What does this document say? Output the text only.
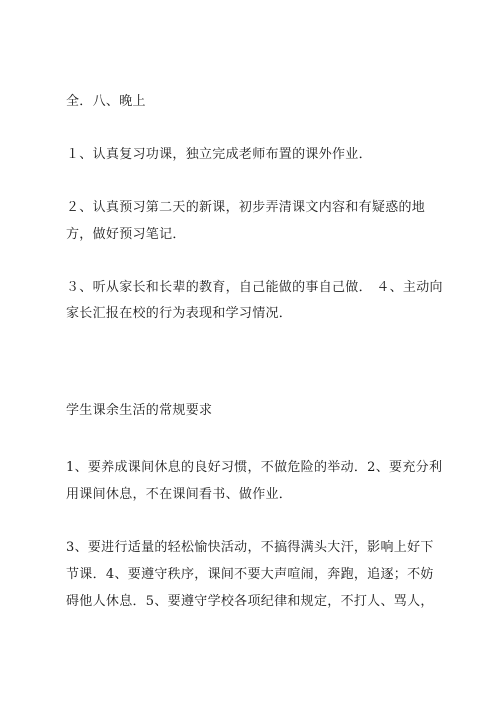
全．八、晚上
１、认真复习功课，独立完成老师布置的课外作业．
２、认真预习第二天的新课，初步弄清课文内容和有疑惑的地
方，做好预习笔记．
３、听从家长和长辈的教育，自己能做的事自己做． ４、主动向
家长汇报在校的行为表现和学习情况．
学生课余生活的常规要求
1、要养成课间休息的良好习惯，不做危险的举动．2、要充分利
用课间休息，不在课间看书、做作业．
3、要进行适量的轻松愉快活动，不搞得满头大汗，影响上好下
节课．4、要遵守秩序，课间不要大声喧闹，奔跑，追逐；不妨
碍他人休息．5、要遵守学校各项纪律和规定，不打人、骂人，
